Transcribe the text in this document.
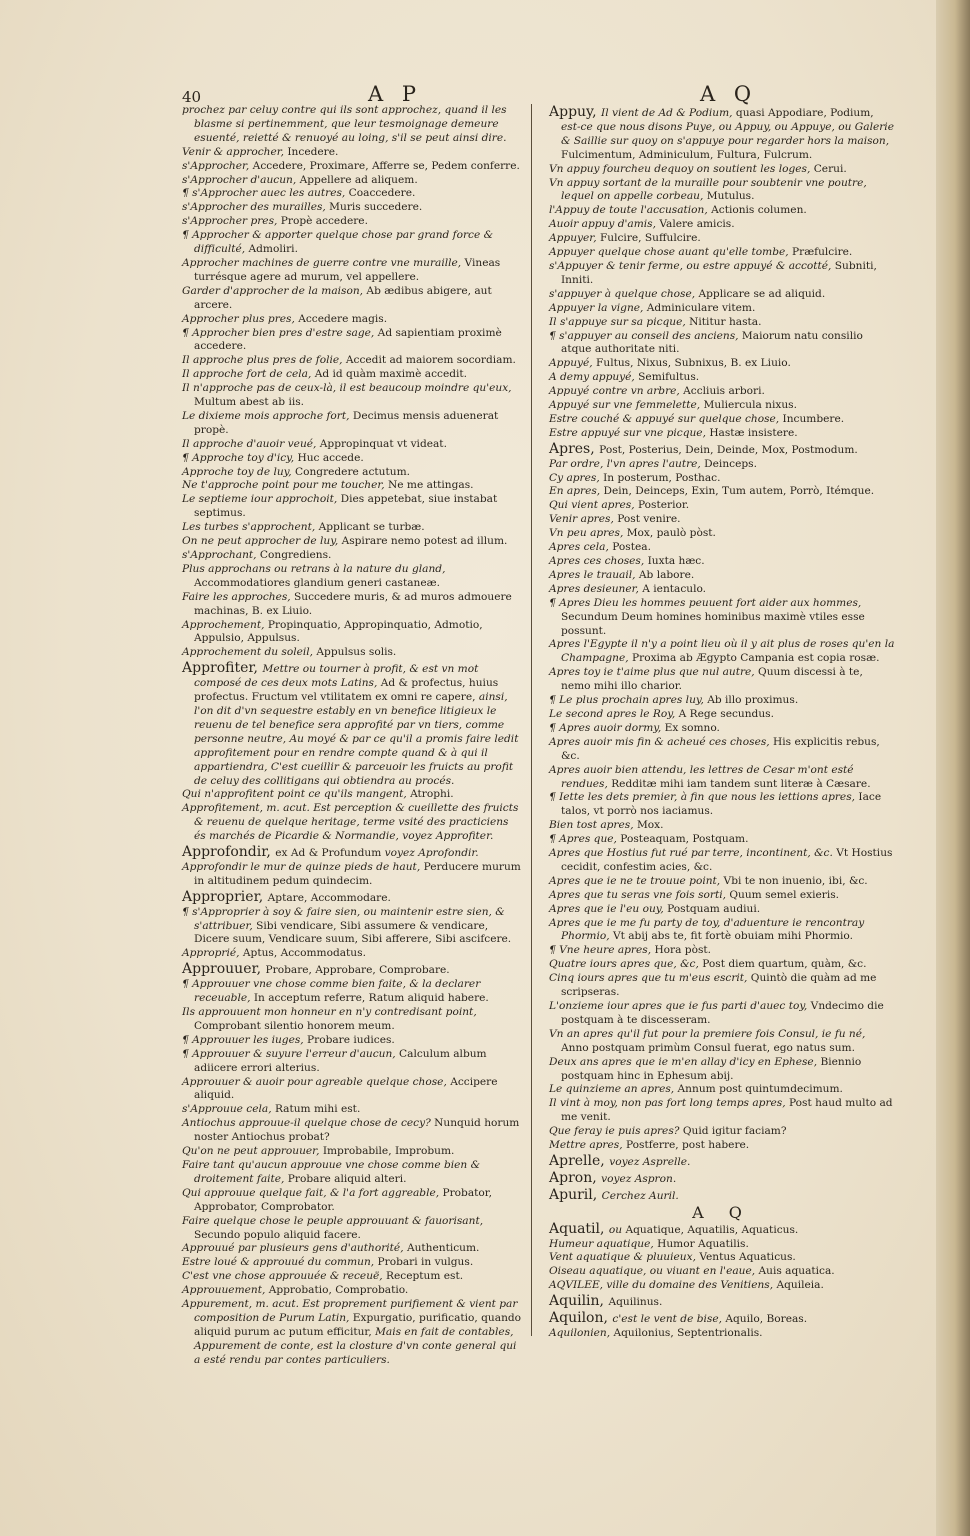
40	A P	A Q
prochez par celuy contre qui ils sont approchez, quand il les blasme si pertinemment, que leur tesmoignage demeure esuenté, reietté & renuoyé au loing, s'il se peut ainsi dire.
Venir & approcher, Incedere.
s'Approcher, Accedere, Proximare, Afferre se, Pedem conferre.
s'Approcher d'aucun, Appellere ad aliquem.
¶ s'Approcher auec les autres, Coaccedere.
s'Approcher des murailles, Muris succedere.
s'Approcher pres, Propè accedere.
¶ Approcher & apporter quelque chose par grand force & difficulté, Admoliri.
Approcher machines de guerre contre vne muraille, Vineas turrésque agere ad murum, vel appellere.
Garder d'approcher de la maison, Ab ædibus abigere, aut arcere.
Approcher plus pres, Accedere magis.
¶ Approcher bien pres d'estre sage, Ad sapientiam proximè accedere.
Il approche plus pres de folie, Accedit ad maiorem socordiam.
Il approche fort de cela, Ad id quàm maximè accedit.
Il n'approche pas de ceux-là, il est beaucoup moindre qu'eux, Multum abest ab iis.
Le dixieme mois approche fort, Decimus mensis aduenerat propè.
Il approche d'auoir veué, Appropinquat vt videat.
¶ Approche toy d'icy, Huc accede.
Approche toy de luy, Congredere actutum.
Ne t'approche point pour me toucher, Ne me attingas.
Le septieme iour approchoit, Dies appetebat, siue instabat septimus.
Les turbes s'approchent, Applicant se turbæ.
On ne peut approcher de luy, Aspirare nemo potest ad illum.
s'Approchant, Congrediens.
Plus approchans ou retrans à la nature du gland, Accommodatiores glandium generi castaneæ.
Faire les approches, Succedere muris, & ad muros admouere machinas, B. ex Liuio.
Approchement, Propinquatio, Appropinquatio, Admotio, Appulsio, Appulsus.
Approchement du soleil, Appulsus solis.
Approfiter, Mettre ou tourner à profit, & est vn mot composé de ces deux mots Latins, Ad & profectus, huius profectus. Fructum vel vtilitatem ex omni re capere, ainsi, l'on dit d'vn sequestre estably en vn benefice litigieux le reuenu de tel benefice sera approfité par vn tiers, comme personne neutre, Au moyé & par ce qu'il a promis faire ledit approfitement pour en rendre compte quand & à qui il appartiendra, C'est cueillir & parceuoir les fruicts au profit de celuy des collitigans qui obtiendra au procés.
Qui n'approfitent point ce qu'ils mangent, Atrophi.
Approfitement, m. acut. Est perception & cueillette des fruicts & reuenu de quelque heritage, terme vsité des practiciens és marchés de Picardie & Normandie, voyez Approfiter.
Approfondir, ex Ad & Profundum voyez Aprofondir.
Approfondir le mur de quinze pieds de haut, Perducere murum in altitudinem pedum quindecim.
Approprier, Aptare, Accommodare.
¶ s'Approprier à soy & faire sien, ou maintenir estre sien, & s'attribuer, Sibi vendicare, Sibi assumere & vendicare, Dicere suum, Vendicare suum, Sibi afferere, Sibi ascifcere.
Approprié, Aptus, Accommodatus.
Approuuer, Probare, Approbare, Comprobare.
¶ Approuuer vne chose comme bien faite, & la declarer receuable, In acceptum referre, Ratum aliquid habere.
Ils approuuent mon honneur en n'y contredisant point, Comprobant silentio honorem meum.
¶ Approuuer les iuges, Probare iudices.
¶ Approuuer & suyure l'erreur d'aucun, Calculum album adiicere errori alterius.
Approuuer & auoir pour agreable quelque chose, Accipere aliquid.
s'Approuue cela, Ratum mihi est.
Antiochus approuue-il quelque chose de cecy? Nunquid horum noster Antiochus probat?
Qu'on ne peut approuuer, Improbabile, Improbum.
Faire tant qu'aucun approuue vne chose comme bien & droitement faite, Probare aliquid alteri.
Qui approuue quelque fait, & l'a fort aggreable, Probator, Approbator, Comprobator.
Faire quelque chose le peuple approuuant & fauorisant, Secundo populo aliquid facere.
Approuué par plusieurs gens d'authorité, Authenticum.
Estre loué & approuué du commun, Probari in vulgus.
C'est vne chose approuuée & receuë, Receptum est.
Approuuement, Approbatio, Comprobatio.
Appurement, m. acut. Est proprement purifiement & vient par composition de Purum Latin, Expurgatio, purificatio, quando aliquid purum ac putum efficitur, Mais en fait de contables, Appurement de conte, est la closture d'vn conte general qui a esté rendu par contes particuliers.
Appuy, Il vient de Ad & Podium, quasi Appodiare, Podium, est-ce que nous disons Puye, ou Appuy, ou Appuye, ou Galerie & Saillie sur quoy on s'appuye pour regarder hors la maison, Fulcimentum, Adminiculum, Fultura, Fulcrum.
Vn appuy fourcheu dequoy on soutient les loges, Cerui.
Vn appuy sortant de la muraille pour soubtenir vne poutre, lequel on appelle corbeau, Mutulus.
l'Appuy de toute l'accusation, Actionis columen.
Auoir appuy d'amis, Valere amicis.
Appuyer, Fulcire, Suffulcire.
Appuyer quelque chose auant qu'elle tombe, Præfulcire.
s'Appuyer & tenir ferme, ou estre appuyé & accotté, Subniti, Inniti.
s'appuyer à quelque chose, Applicare se ad aliquid.
Appuyer la vigne, Adminiculare vitem.
Il s'appuye sur sa picque, Nititur hasta.
¶ s'appuyer au conseil des anciens, Maiorum natu consilio atque authoritate niti.
Appuyé, Fultus, Nixus, Subnixus, B. ex Liuio.
A demy appuyé, Semifultus.
Appuyé contre vn arbre, Accliuis arbori.
Appuyé sur vne femmelette, Muliercula nixus.
Estre couché & appuyé sur quelque chose, Incumbere.
Estre appuyé sur vne picque, Hastæ insistere.
Apres, Post, Posterius, Dein, Deinde, Mox, Postmodum.
Par ordre, l'vn apres l'autre, Deinceps.
Cy apres, In posterum, Posthac.
En apres, Dein, Deinceps, Exin, Tum autem, Porrò, Itémque.
Qui vient apres, Posterior.
Venir apres, Post venire.
Vn peu apres, Mox, paulò pòst.
Apres cela, Postea.
Apres ces choses, Iuxta hæc.
Apres le trauail, Ab labore.
Apres desieuner, A ientaculo.
¶ Apres Dieu les hommes peuuent fort aider aux hommes, Secundum Deum homines hominibus maximè vtiles esse possunt.
Apres l'Egypte il n'y a point lieu où il y ait plus de roses qu'en la Champagne, Proxima ab Ægypto Campania est copia rosæ.
Apres toy ie t'aime plus que nul autre, Quum discessi à te, nemo mihi illo charior.
¶ Le plus prochain apres luy, Ab illo proximus.
Le second apres le Roy, A Rege secundus.
¶ Apres auoir dormy, Ex somno.
Apres auoir mis fin & acheué ces choses, His explicitis rebus, &c.
Apres auoir bien attendu, les lettres de Cesar m'ont esté rendues, Redditæ mihi iam tandem sunt literæ à Cæsare.
¶ Iette les dets premier, à fin que nous les iettions apres, Iace talos, vt porrò nos iaciamus.
Bien tost apres, Mox.
¶ Apres que, Posteaquam, Postquam.
Apres que Hostius fut rué par terre, incontinent, &c. Vt Hostius cecidit, confestim acies, &c.
Apres que ie ne te trouue point, Vbi te non inuenio, ibi, &c.
Apres que tu seras vne fois sorti, Quum semel exieris.
Apres que ie l'eu ouy, Postquam audiui.
Apres que ie me fu party de toy, d'aduenture ie rencontray Phormio, Vt abij abs te, fit fortè obuiam mihi Phormio.
¶ Vne heure apres, Hora pòst.
Quatre iours apres que, &c, Post diem quartum, quàm, &c.
Cinq iours apres que tu m'eus escrit, Quintò die quàm ad me scripseras.
L'onzieme iour apres que ie fus parti d'auec toy, Vndecimo die postquam à te discesseram.
Vn an apres qu'il fut pour la premiere fois Consul, ie fu né, Anno postquam primùm Consul fuerat, ego natus sum.
Deux ans apres que ie m'en allay d'icy en Ephese, Biennio postquam hinc in Ephesum abij.
Le quinzieme an apres, Annum post quintumdecimum.
Il vint à moy, non pas fort long temps apres, Post haud multo ad me venit.
Que feray ie puis apres? Quid igitur faciam?
Mettre apres, Postferre, post habere.
Aprelle, voyez Asprelle.
Apron, voyez Aspron.
Apuril, Cerchez Auril.
A Q
Aquatil, ou Aquatique, Aquatilis, Aquaticus.
Humeur aquatique, Humor Aquatilis.
Vent aquatique & pluuieux, Ventus Aquaticus.
Oiseau aquatique, ou viuant en l'eaue, Auis aquatica.
AQVILEE, ville du domaine des Venitiens, Aquileia.
Aquilin, Aquilinus.
Aquilon, c'est le vent de bise, Aquilo, Boreas.
Aquilonien, Aquilonius, Septentrionalis.
